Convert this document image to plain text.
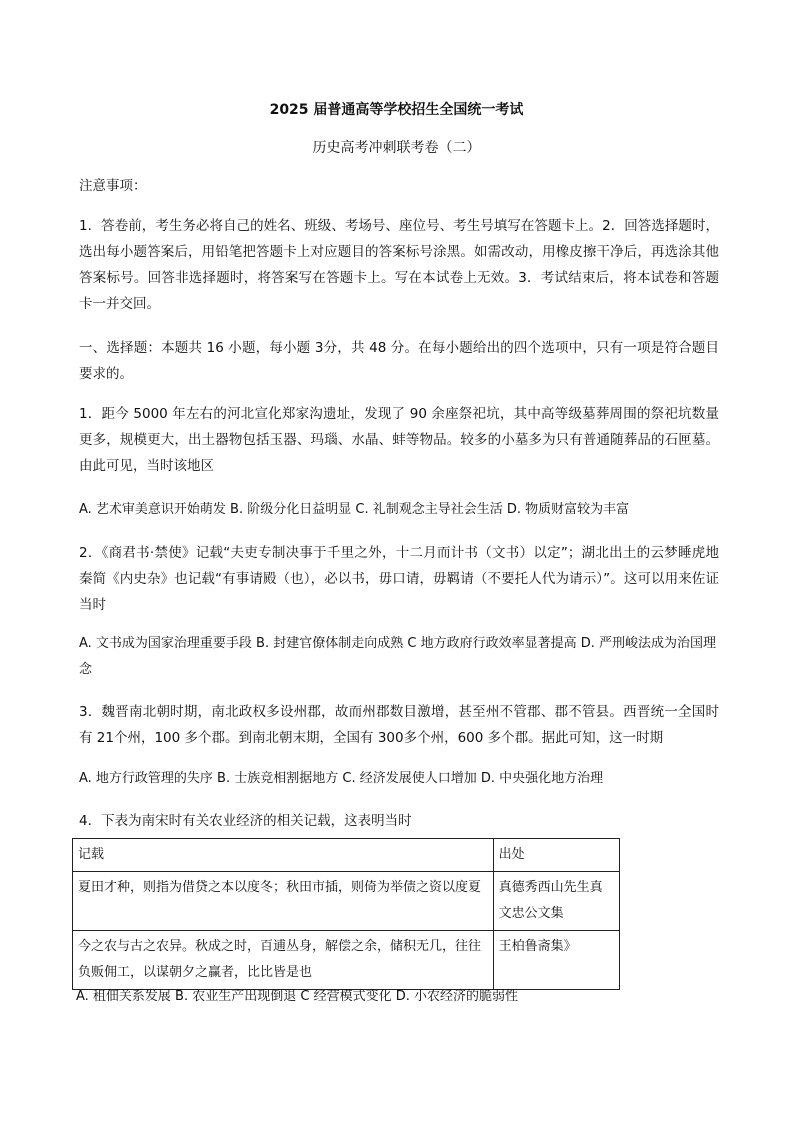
2025 届普通高等学校招生全国统一考试
历史高考冲刺联考卷（二）

注意事项：

1．答卷前，考生务必将自己的姓名、班级、考场号、座位号、考生号填写在答题卡上。2．回答选择题时，选出每小题答案后，用铅笔把答题卡上对应题目的答案标号涂黑。如需改动，用橡皮擦干净后，再选涂其他答案标号。回答非选择题时，将答案写在答题卡上。写在本试卷上无效。3．考试结束后，将本试卷和答题卡一并交回。

一、选择题：本题共 16 小题，每小题 3分，共 48 分。在每小题给出的四个选项中，只有一项是符合题目要求的。

1．距今 5000 年左右的河北宣化郑家沟遗址，发现了 90 余座祭祀坑，其中高等级墓葬周围的祭祀坑数量更多，规模更大，出土器物包括玉器、玛瑙、水晶、蚌等物品。较多的小墓多为只有普通随葬品的石匣墓。由此可见，当时该地区

A. 艺术审美意识开始萌发 B. 阶级分化日益明显 C. 礼制观念主导社会生活 D. 物质财富较为丰富

2．《商君书·禁使》记载“夫吏专制决事于千里之外，十二月而计书（文书）以定”；湖北出土的云梦睡虎地秦简《内史杂》也记载“有事请殿（也），必以书，毋口请，毋羁请（不要托人代为请示）”。这可以用来佐证当时

A. 文书成为国家治理重要手段 B. 封建官僚体制走向成熟 C 地方政府行政效率显著提高 D. 严刑峻法成为治国理念

3．魏晋南北朝时期，南北政权多设州郡，故而州郡数目激增，甚至州不管郡、郡不管县。西晋统一全国时有 21个州，100 多个郡。到南北朝末期，全国有 300多个州，600 多个郡。据此可知，这一时期

A. 地方行政管理的失序 B. 士族竞相割据地方 C. 经济发展使人口增加 D. 中央强化地方治理

4．下表为南宋时有关农业经济的相关记载，这表明当时

记载	出处
夏田才种，则指为借贷之本以度冬；秋田市插，则倚为举债之资以度夏	真德秀西山先生真文忠公文集
今之农与古之农异。秋成之时，百逋丛身，解偿之余，储积无几，往往负贩佣工，以谋朝夕之赢者，比比皆是也	王柏鲁斋集》

A. 租佃关系发展 B. 农业生产出现倒退 C 经营模式变化 D. 小农经济的脆弱性
